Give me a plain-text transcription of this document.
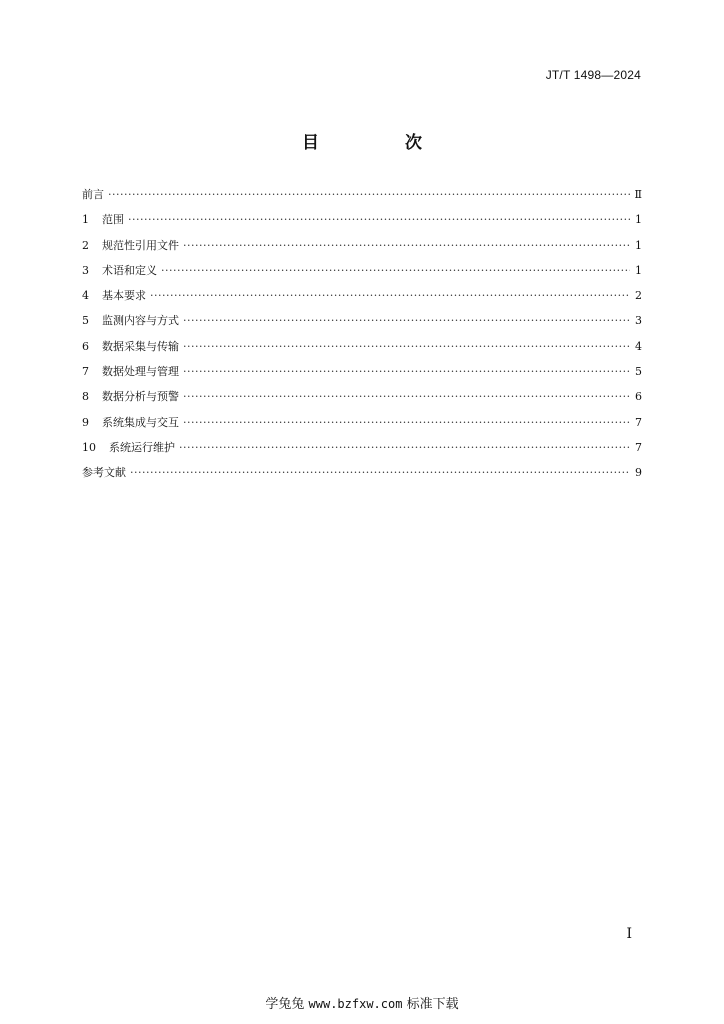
JT/T 1498—2024
目 次
前言 ·····	Ⅱ
1	范围 ·····	1
2	规范性引用文件 ·····	1
3	术语和定义 ·····	1
4	基本要求 ·····	2
5	监测内容与方式 ·····	3
6	数据采集与传输 ·····	4
7	数据处理与管理 ·····	5
8	数据分析与预警 ·····	6
9	系统集成与交互 ·····	7
10	系统运行维护 ·····	7
参考文献 ·····	9
I
学兔兔 www.bzfxw.com 标准下载
